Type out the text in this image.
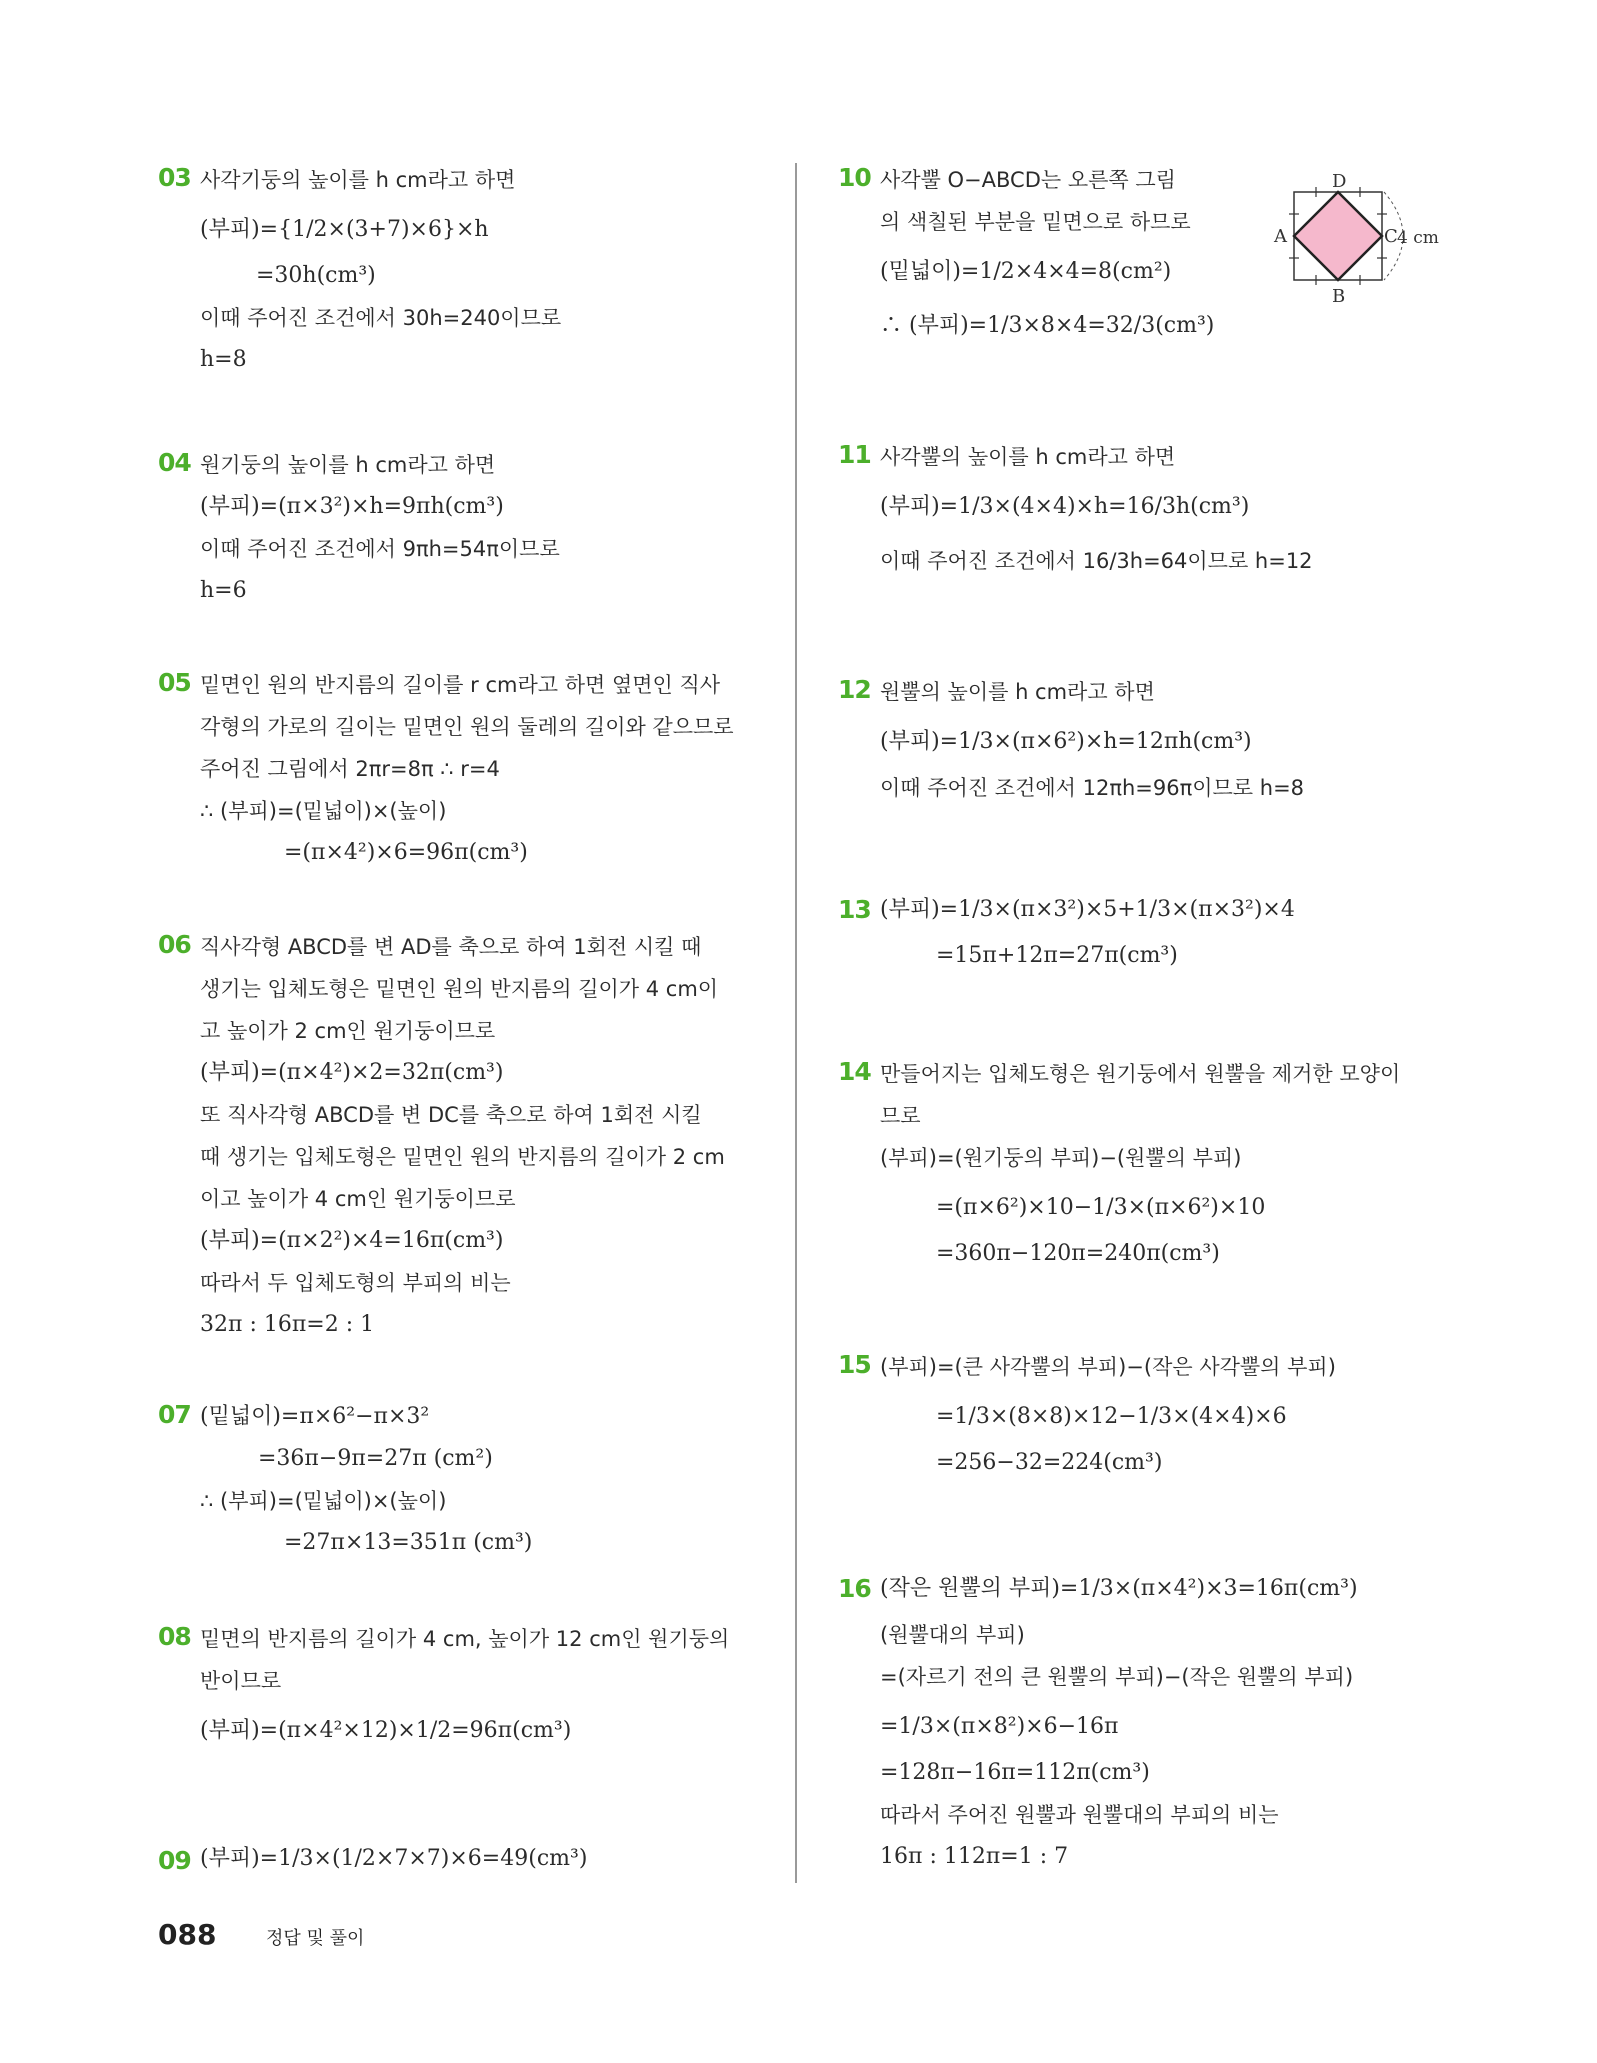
03 사각기둥의 높이를 h cm라고 하면
(부피)={1/2×(3+7)×6}×h
=30h(cm³)
이때 주어진 조건에서 30h=240이므로
h=8
04 원기둥의 높이를 h cm라고 하면
(부피)=(π×3²)×h=9πh(cm³)
이때 주어진 조건에서 9πh=54π이므로
h=6
05 밑면인 원의 반지름의 길이를 r cm라고 하면 옆면인 직사
각형의 가로의 길이는 밑면인 원의 둘레의 길이와 같으므로
주어진 그림에서 2πr=8π ∴ r=4
∴ (부피)=(밑넓이)×(높이)
=(π×4²)×6=96π(cm³)
06 직사각형 ABCD를 변 AD를 축으로 하여 1회전 시킬 때
생기는 입체도형은 밑면인 원의 반지름의 길이가 4 cm이
고 높이가 2 cm인 원기둥이므로
(부피)=(π×4²)×2=32π(cm³)
또 직사각형 ABCD를 변 DC를 축으로 하여 1회전 시킬
때 생기는 입체도형은 밑면인 원의 반지름의 길이가 2 cm
이고 높이가 4 cm인 원기둥이므로
(부피)=(π×2²)×4=16π(cm³)
따라서 두 입체도형의 부피의 비는
32π : 16π=2 : 1
07 (밑넓이)=π×6²−π×3²
=36π−9π=27π (cm²)
∴ (부피)=(밑넓이)×(높이)
=27π×13=351π (cm³)
08 밑면의 반지름의 길이가 4 cm, 높이가 12 cm인 원기둥의
반이므로
(부피)=(π×4²×12)×1/2=96π(cm³)
09 (부피)=1/3×(1/2×7×7)×6=49(cm³)
10 사각뿔 O−ABCD는 오른쪽 그림
의 색칠된 부분을 밑면으로 하므로
(밑넓이)=1/2×4×4=8(cm²)
∴ (부피)=1/3×8×4=32/3(cm³)
11 사각뿔의 높이를 h cm라고 하면
(부피)=1/3×(4×4)×h=16/3h(cm³)
이때 주어진 조건에서 16/3h=64이므로 h=12
12 원뿔의 높이를 h cm라고 하면
(부피)=1/3×(π×6²)×h=12πh(cm³)
이때 주어진 조건에서 12πh=96π이므로 h=8
13 (부피)=1/3×(π×3²)×5+1/3×(π×3²)×4
=15π+12π=27π(cm³)
14 만들어지는 입체도형은 원기둥에서 원뿔을 제거한 모양이
므로
(부피)=(원기둥의 부피)−(원뿔의 부피)
=(π×6²)×10−1/3×(π×6²)×10
=360π−120π=240π(cm³)
15 (부피)=(큰 사각뿔의 부피)−(작은 사각뿔의 부피)
=1/3×(8×8)×12−1/3×(4×4)×6
=256−32=224(cm³)
16 (작은 원뿔의 부피)=1/3×(π×4²)×3=16π(cm³)
(원뿔대의 부피)
=(자르기 전의 큰 원뿔의 부피)−(작은 원뿔의 부피)
=1/3×(π×8²)×6−16π
=128π−16π=112π(cm³)
따라서 주어진 원뿔과 원뿔대의 부피의 비는
16π : 112π=1 : 7
D
A	C
B
4 cm
088	정답 및 풀이
